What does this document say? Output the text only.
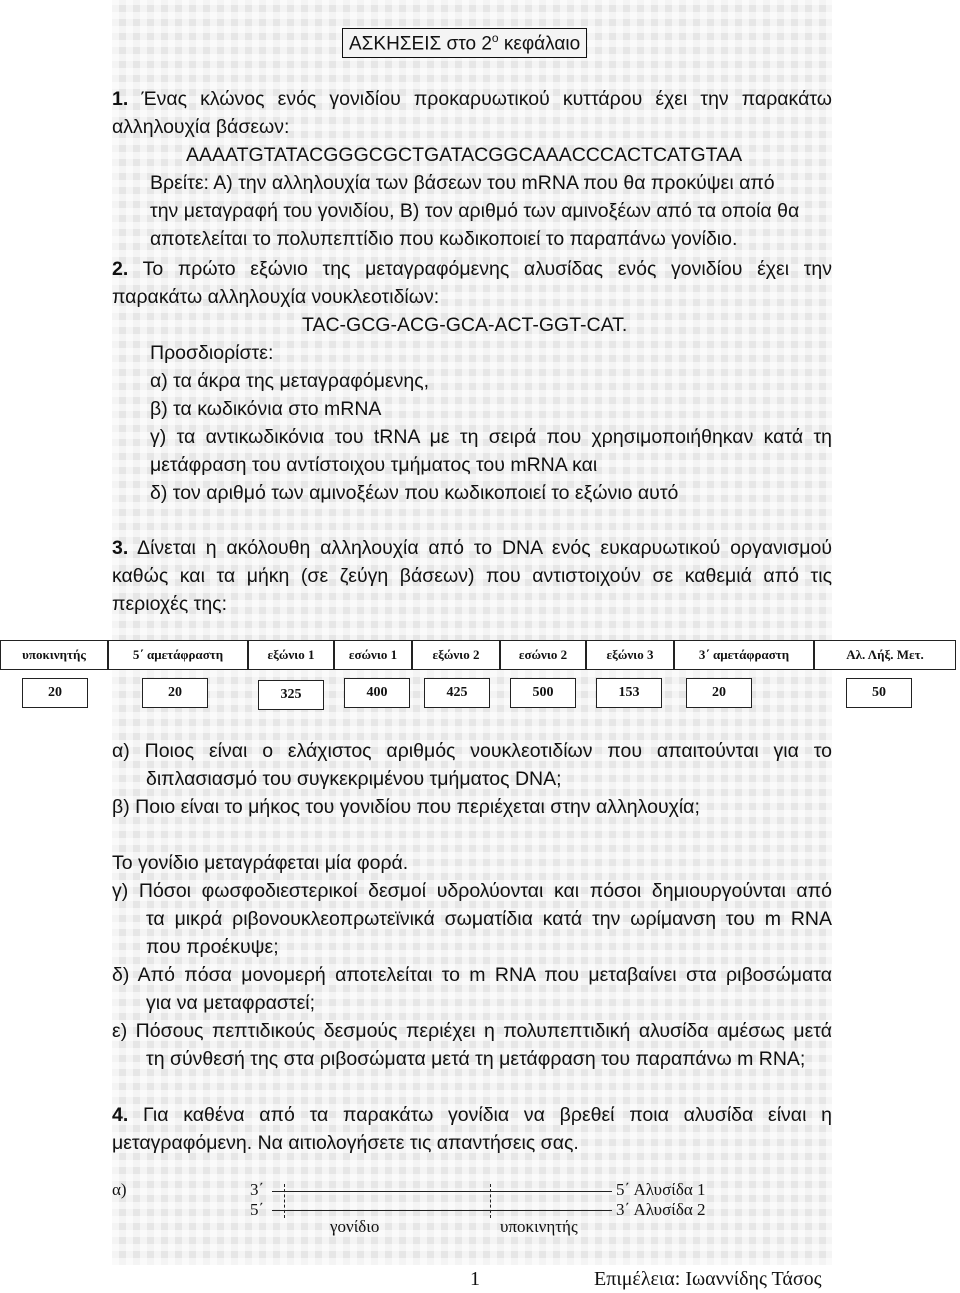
ΑΣΚΗΣΕΙΣ στο $2^o$ κεφάλαιο
1. Ένας κλώνος ενός γονιδίου προκαρυωτικού κυττάρου έχει την παρακάτω
αλληλουχία βάσεων:
AAAATGTATACGGGCGCTGATACGGCAAACCCACTCATGTAA
Βρείτε: Α) την αλληλουχία των βάσεων του mRNA που θα προκύψει από
την μεταγραφή του γονιδίου, Β) τον αριθμό των αμινοξέων από τα οποία θα
αποτελείται το πολυπεπτίδιο που κωδικοποιεί το παραπάνω γονίδιο.
2. Το πρώτο εξώνιο της μεταγραφόμενης αλυσίδας ενός γονιδίου έχει την
παρακάτω αλληλουχία νουκλεοτιδίων:
TAC-GCG-ACG-GCA-ACT-GGT-CAT.
Προσδιορίστε:
α) τα άκρα της μεταγραφόμενης,
β) τα κωδικόνια στο mRNA
γ) τα αντικωδικόνια του tRNA με τη σειρά που χρησιμοποιήθηκαν κατά τη
μετάφραση του αντίστοιχου τμήματος του mRNA και
δ) τον αριθμό των αμινοξέων που κωδικοποιεί το εξώνιο αυτό
3. Δίνεται η ακόλουθη αλληλουχία από το DNA ενός ευκαρυωτικού οργανισμού
καθώς και τα μήκη (σε ζεύγη βάσεων) που αντιστοιχούν σε καθεμιά από τις
περιοχές της:
υποκινητής	5΄ αμετάφραστη	εξώνιο 1	εσώνιο 1	εξώνιο 2	εσώνιο 2	εξώνιο 3	3΄ αμετάφραστη	Αλ. Λήξ. Μετ.
20	20	325	400	425	500	153	20	50
α) Ποιος είναι ο ελάχιστος αριθμός νουκλεοτιδίων που απαιτούνται για το
διπλασιασμό του συγκεκριμένου τμήματος DNA;
β) Ποιο είναι το μήκος του γονιδίου που περιέχεται στην αλληλουχία;
Το γονίδιο μεταγράφεται μία φορά.
γ) Πόσοι φωσφοδιεστερικοί δεσμοί υδρολύονται και πόσοι δημιουργούνται από
τα μικρά ριβονουκλεοπρωτεϊνικά σωματίδια κατά την ωρίμανση του m RNA
που προέκυψε;
δ) Από πόσα μονομερή αποτελείται το m RNA που μεταβαίνει στα ριβοσώματα
για να μεταφραστεί;
ε) Πόσους πεπτιδικούς δεσμούς περιέχει η πολυπεπτιδική αλυσίδα αμέσως μετά
τη σύνθεσή της στα ριβοσώματα μετά τη μετάφραση του παραπάνω m RNA;
4. Για καθένα από τα παρακάτω γονίδια να βρεθεί ποια αλυσίδα είναι η
μεταγραφόμενη. Να αιτιολογήσετε τις απαντήσεις σας.
α)	3΄
5΄
5΄ Αλυσίδα 1
3΄ Αλυσίδα 2
γονίδιο	υποκινητής
1	Επιμέλεια: Ιωαννίδης Τάσος
